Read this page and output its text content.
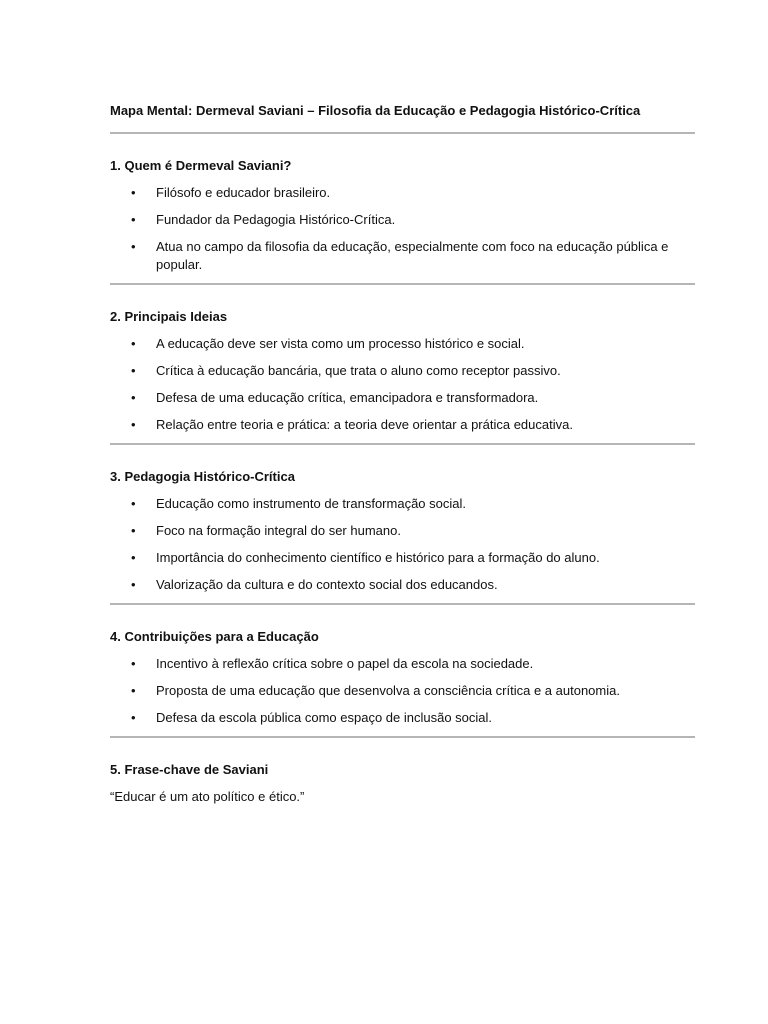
Mapa Mental: Dermeval Saviani – Filosofia da Educação e Pedagogia Histórico-Crítica

1. Quem é Dermeval Saviani?

• Filósofo e educador brasileiro.
• Fundador da Pedagogia Histórico-Crítica.
• Atua no campo da filosofia da educação, especialmente com foco na educação pública e popular.

2. Principais Ideias

• A educação deve ser vista como um processo histórico e social.
• Crítica à educação bancária, que trata o aluno como receptor passivo.
• Defesa de uma educação crítica, emancipadora e transformadora.
• Relação entre teoria e prática: a teoria deve orientar a prática educativa.

3. Pedagogia Histórico-Crítica

• Educação como instrumento de transformação social.
• Foco na formação integral do ser humano.
• Importância do conhecimento científico e histórico para a formação do aluno.
• Valorização da cultura e do contexto social dos educandos.

4. Contribuições para a Educação

• Incentivo à reflexão crítica sobre o papel da escola na sociedade.
• Proposta de uma educação que desenvolva a consciência crítica e a autonomia.
• Defesa da escola pública como espaço de inclusão social.

5. Frase-chave de Saviani

“Educar é um ato político e ético.”
